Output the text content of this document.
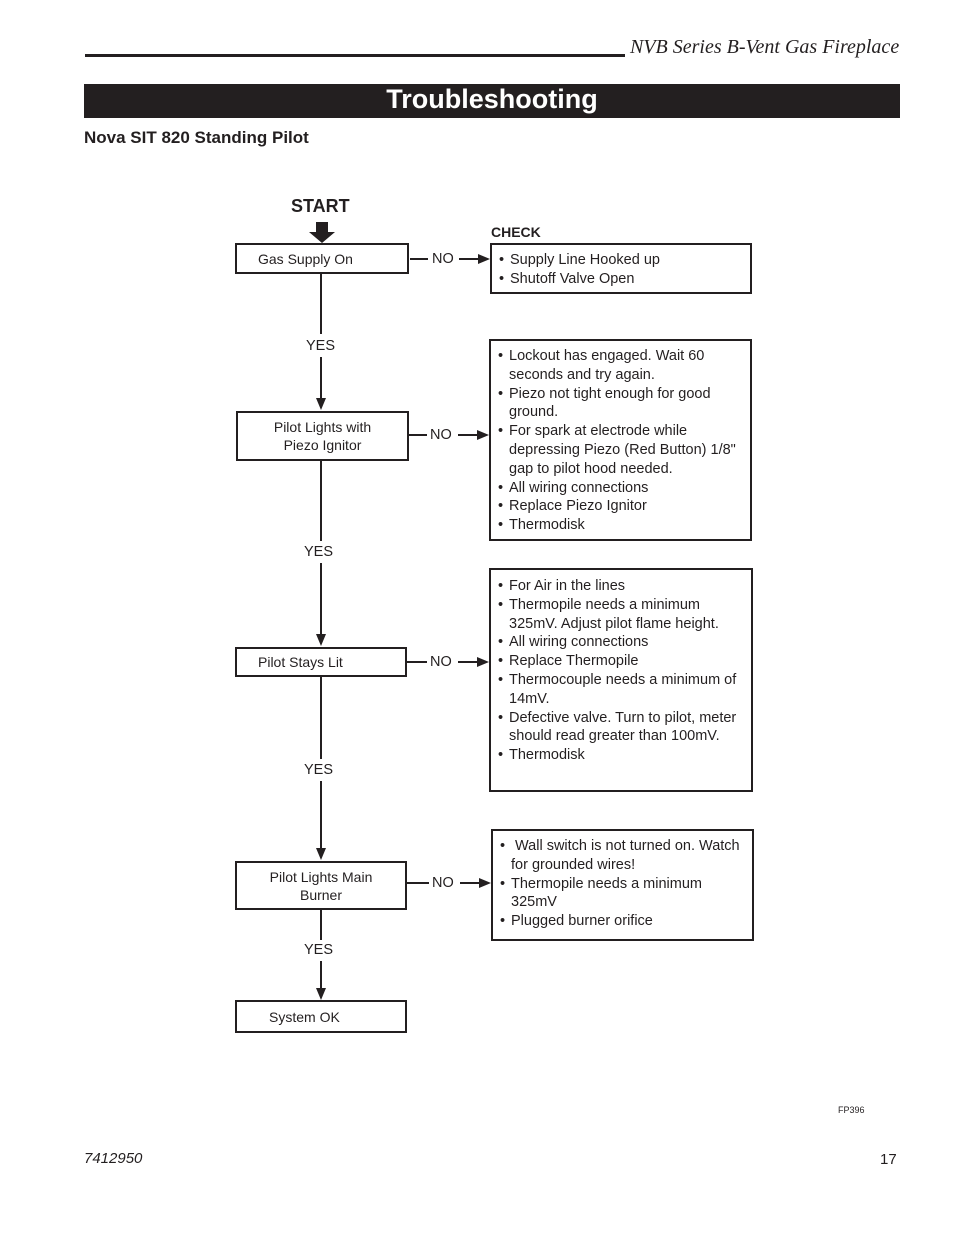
NVB Series B-Vent Gas Fireplace
Troubleshooting
Nova SIT 820 Standing Pilot
START
CHECK
Gas Supply On
Pilot Lights with
Piezo Ignitor
Pilot Stays Lit
Pilot Lights Main
Burner
System OK
YES
YES
YES
YES
NO
NO
NO
NO
• Supply Line Hooked up
• Shutoff Valve Open
• Lockout has engaged. Wait 60 seconds and try again.
• Piezo not tight enough for good ground.
• For spark at electrode while depressing Piezo (Red Button) 1/8" gap to pilot hood needed.
• All wiring connections
• Replace Piezo Ignitor
• Thermodisk
• For Air in the lines
• Thermopile needs a minimum 325mV. Adjust pilot flame height.
• All wiring connections
• Replace Thermopile
• Thermocouple needs a minimum of 14mV.
• Defective valve. Turn to pilot, meter should read greater than 100mV.
• Thermodisk
•  Wall switch is not turned on. Watch for grounded wires!
• Thermopile needs a minimum 325mV
• Plugged burner orifice
FP396
7412950	17
